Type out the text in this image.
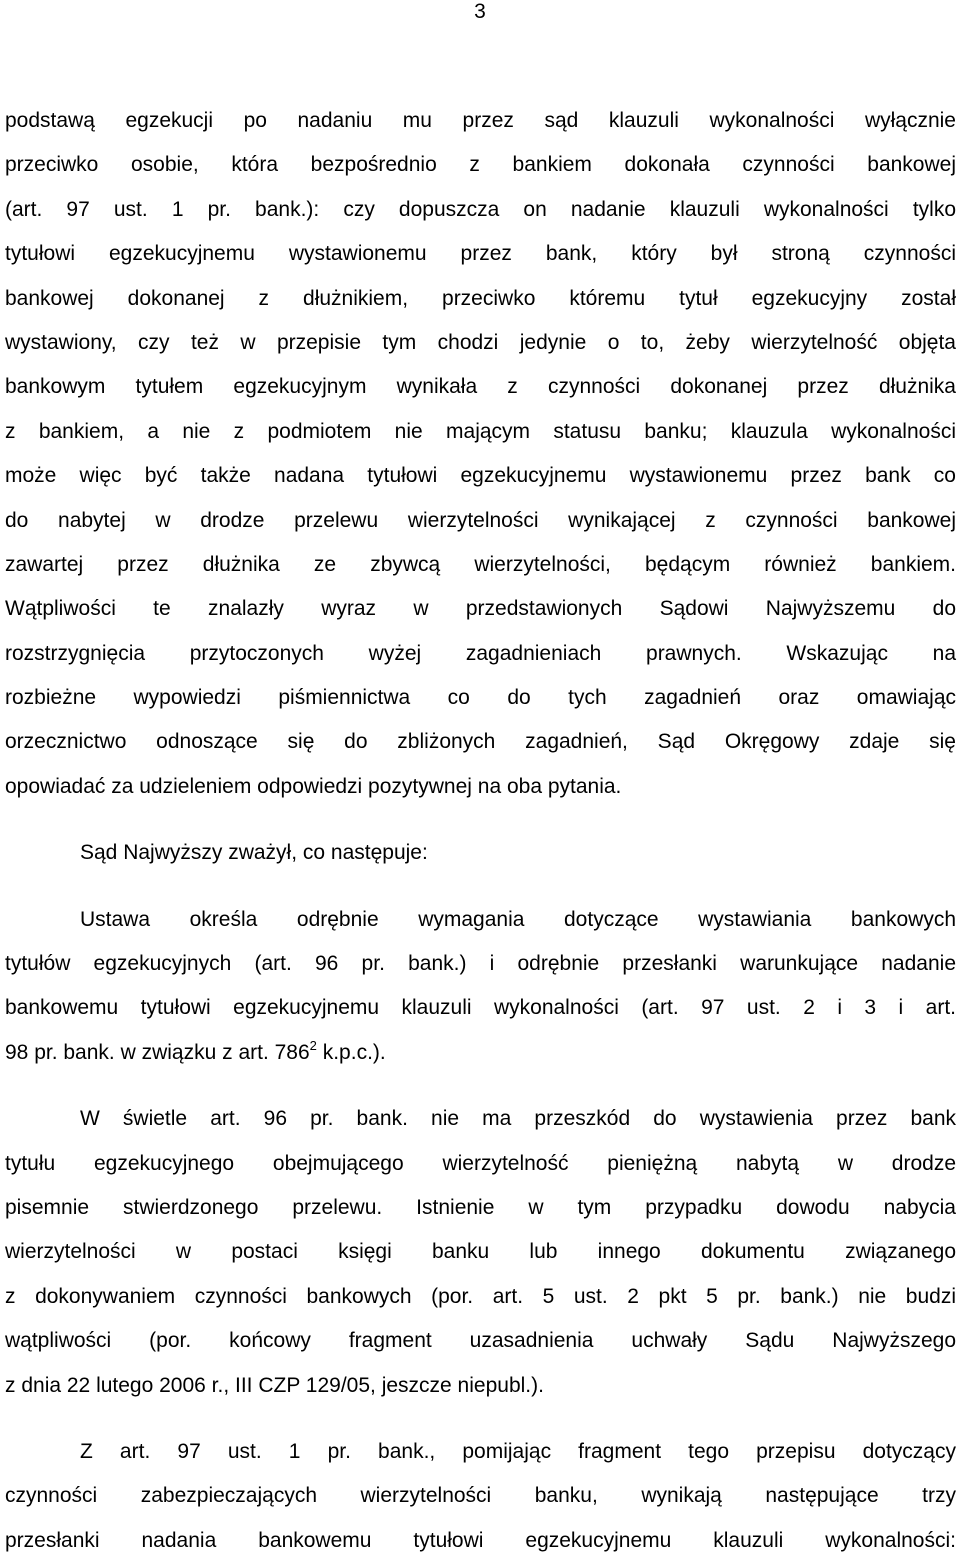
3
podstawą egzekucji po nadaniu mu przez sąd klauzuli wykonalności wyłącznie
przeciwko osobie, która bezpośrednio z bankiem dokonała czynności bankowej
(art. 97 ust. 1 pr. bank.): czy dopuszcza on nadanie klauzuli wykonalności tylko
tytułowi egzekucyjnemu wystawionemu przez bank, który był stroną czynności
bankowej dokonanej z dłużnikiem, przeciwko któremu tytuł egzekucyjny został
wystawiony, czy też w przepisie tym chodzi jedynie o to, żeby wierzytelność objęta
bankowym tytułem egzekucyjnym wynikała z czynności dokonanej przez dłużnika
z bankiem, a nie z podmiotem nie mającym statusu banku; klauzula wykonalności
może więc być także nadana tytułowi egzekucyjnemu wystawionemu przez bank co
do nabytej w drodze przelewu wierzytelności wynikającej z czynności bankowej
zawartej przez dłużnika ze zbywcą wierzytelności, będącym również bankiem.
Wątpliwości te znalazły wyraz w przedstawionych Sądowi Najwyższemu do
rozstrzygnięcia przytoczonych wyżej zagadnieniach prawnych. Wskazując na
rozbieżne wypowiedzi piśmiennictwa co do tych zagadnień oraz omawiając
orzecznictwo odnoszące się do zbliżonych zagadnień, Sąd Okręgowy zdaje się
opowiadać za udzieleniem odpowiedzi pozytywnej na oba pytania.
Sąd Najwyższy zważył, co następuje:
Ustawa określa odrębnie wymagania dotyczące wystawiania bankowych
tytułów egzekucyjnych (art. 96 pr. bank.) i odrębnie przesłanki warunkujące nadanie
bankowemu tytułowi egzekucyjnemu klauzuli wykonalności (art. 97 ust. 2 i 3 i art.
98 pr. bank. w związku z art. $786^2$ k.p.c.).
W świetle art. 96 pr. bank. nie ma przeszkód do wystawienia przez bank
tytułu egzekucyjnego obejmującego wierzytelność pieniężną nabytą w drodze
pisemnie stwierdzonego przelewu. Istnienie w tym przypadku dowodu nabycia
wierzytelności w postaci księgi banku lub innego dokumentu związanego
z dokonywaniem czynności bankowych (por. art. 5 ust. 2 pkt 5 pr. bank.) nie budzi
wątpliwości (por. końcowy fragment uzasadnienia uchwały Sądu Najwyższego
z dnia 22 lutego 2006 r., III CZP 129/05, jeszcze niepubl.).
Z art. 97 ust. 1 pr. bank., pomijając fragment tego przepisu dotyczący
czynności zabezpieczających wierzytelności banku, wynikają następujące trzy
przesłanki nadania bankowemu tytułowi egzekucyjnemu klauzuli wykonalności:
